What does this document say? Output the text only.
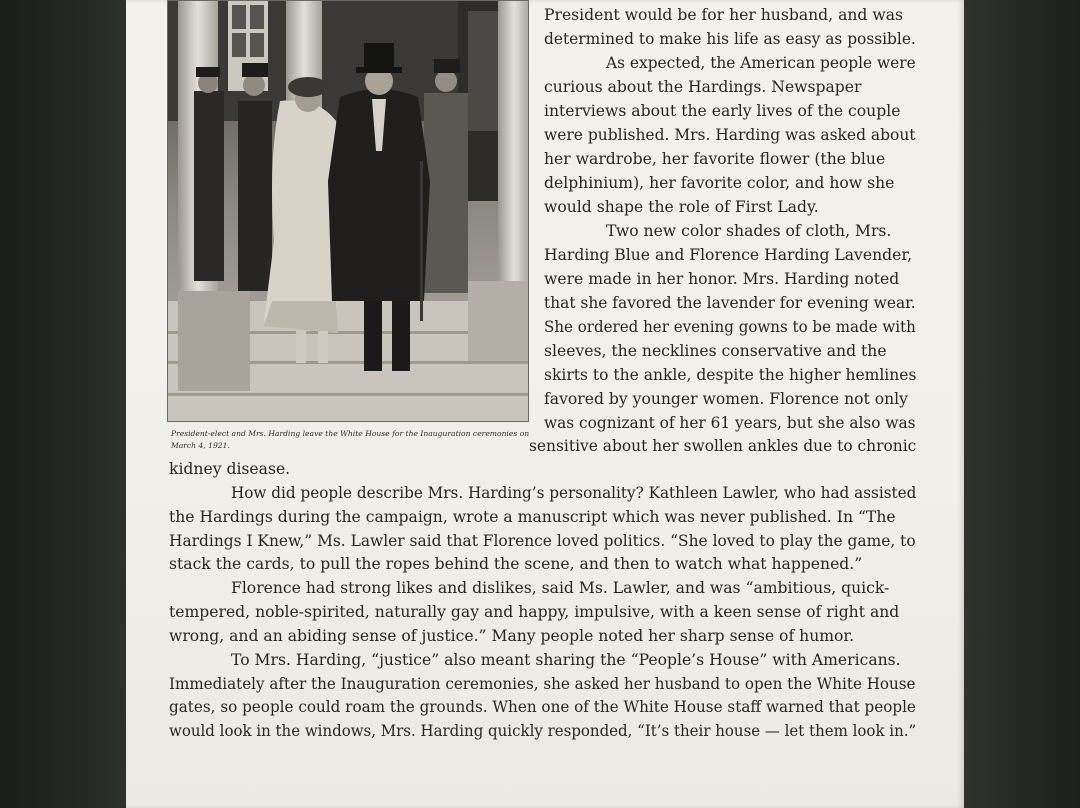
President-elect and Mrs. Harding leave the White House for the Inauguration ceremonies on March 4, 1921.
President would be for her husband, and was
determined to make his life as easy as possible.
As expected, the American people were
curious about the Hardings. Newspaper
interviews about the early lives of the couple
were published. Mrs. Harding was asked about
her wardrobe, her favorite flower (the blue
delphinium), her favorite color, and how she
would shape the role of First Lady.
Two new color shades of cloth, Mrs.
Harding Blue and Florence Harding Lavender,
were made in her honor. Mrs. Harding noted
that she favored the lavender for evening wear.
She ordered her evening gowns to be made with
sleeves, the necklines conservative and the
skirts to the ankle, despite the higher hemlines
favored by younger women. Florence not only
was cognizant of her 61 years, but she also was
sensitive about her swollen ankles due to chronic
kidney disease.
How did people describe Mrs. Harding’s personality? Kathleen Lawler, who had assisted
the Hardings during the campaign, wrote a manuscript which was never published. In “The
Hardings I Knew,” Ms. Lawler said that Florence loved politics. “She loved to play the game, to
stack the cards, to pull the ropes behind the scene, and then to watch what happened.”
Florence had strong likes and dislikes, said Ms. Lawler, and was “ambitious, quick-
tempered, noble-spirited, naturally gay and happy, impulsive, with a keen sense of right and
wrong, and an abiding sense of justice.” Many people noted her sharp sense of humor.
To Mrs. Harding, “justice” also meant sharing the “People’s House” with Americans.
Immediately after the Inauguration ceremonies, she asked her husband to open the White House
gates, so people could roam the grounds. When one of the White House staff warned that people
would look in the windows, Mrs. Harding quickly responded, “It’s their house — let them look in.”
